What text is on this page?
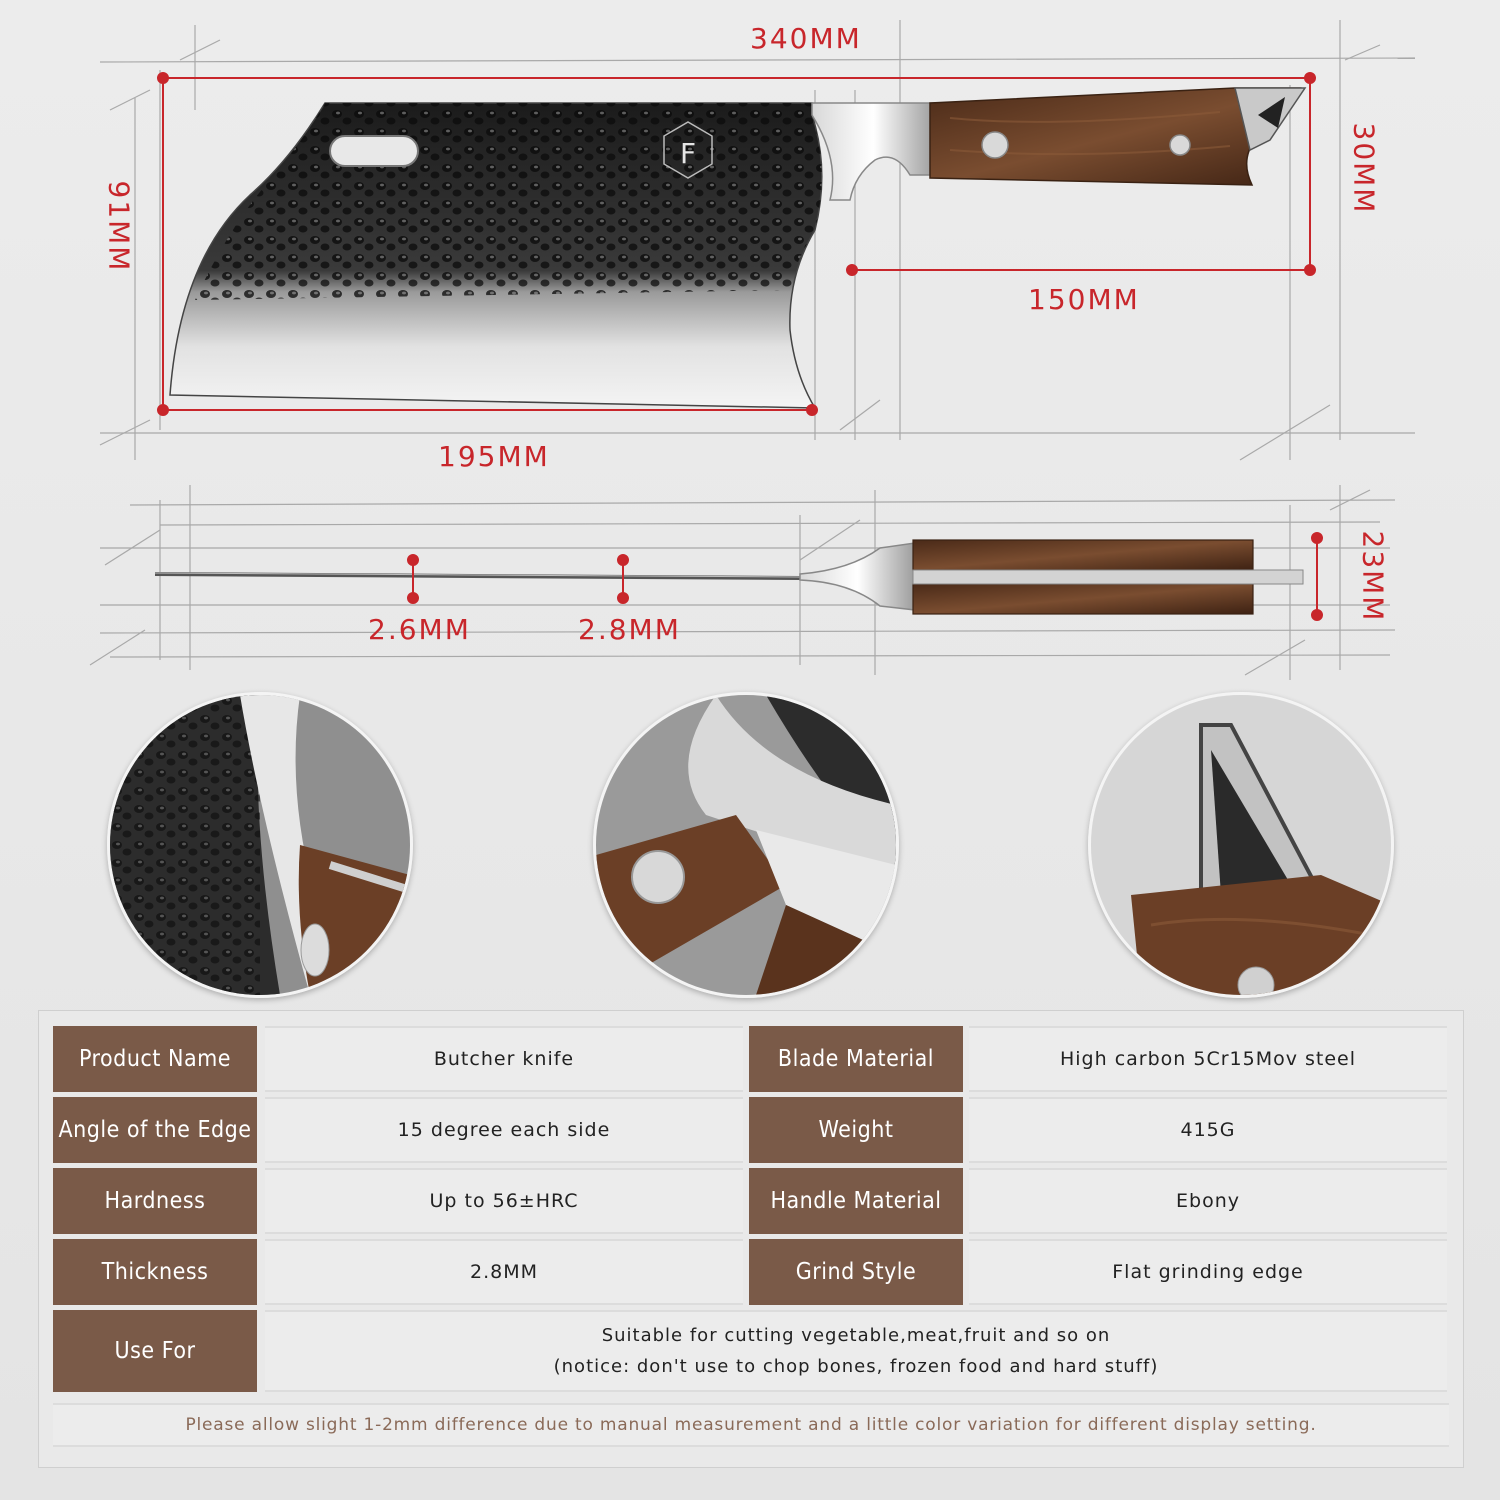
F
340MM
91MM
30MM
150MM
195MM
2.6MM	2.8MM
23MM
Product Name	Butcher knife	Blade Material	High carbon 5Cr15Mov steel
Angle of the Edge	15 degree each side	Weight	415G
Hardness	Up to 56±HRC	Handle Material	Ebony
Thickness	2.8MM	Grind Style	Flat grinding edge
Use For
Suitable for cutting vegetable,meat,fruit and so on
(notice: don't use to chop bones, frozen food and hard stuff)
Please allow slight 1-2mm difference due to manual measurement and a little color variation for different display setting.
